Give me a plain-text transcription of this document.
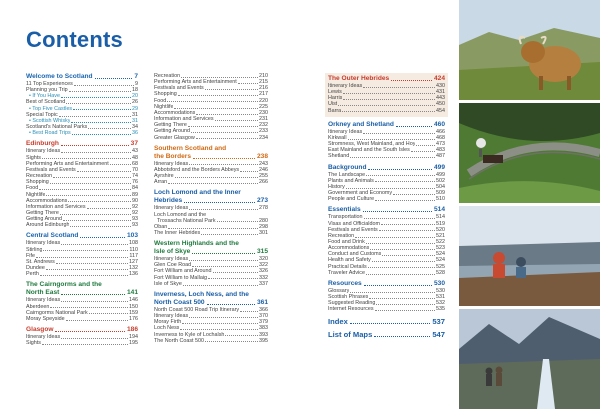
Contents
Welcome to Scotland	7
11 Top Experiences	9
Planning you Trip	18
• If You Have	20
Best of Scotland	26
• Top Five Castles	29
Special Topic	31
• Scottish Whisky	31
Scotland's National Parks	34
• Best Road Trips	36
Edinburgh	37
Itinerary Ideas	43
Sights	48
Performing Arts and Entertainment	68
Festivals and Events	70
Recreation	74
Shopping	76
Food	84
Nightlife	89
Accommodations	90
Information and Services	92
Getting There	92
Getting Around	93
Around Edinburgh	93
Central Scotland	103
Itinerary Ideas	108
Stirling	110
Fife	117
St. Andrews	127
Dundee	132
Perth	136
The Cairngorms and the
North East	141
Itinerary Ideas	146
Aberdeen	150
Cairngorms National Park	159
Moray Speyside	176
Glasgow	186
Itinerary Ideas	194
Sights	195
Recreation	210
Performing Arts and Entertainment	215
Festivals and Events	216
Shopping	217
Food	220
Nightlife	225
Accommodations	230
Information and Services	231
Getting There	232
Getting Around	233
Greater Glasgow	234
Southern Scotland and
the Borders	238
Itinerary Ideas	243
Abbotsford and the Borders Abbeys	246
Ayrshire	255
Arran	266
Loch Lomond and the Inner
Hebrides	273
Itinerary Ideas	278
Loch Lomond and the
Trossachs National Park	280
Oban	298
The Inner Hebrides	301
Western Highlands and the
Isle of Skye	315
Itinerary Ideas	320
Glen Coe Road	322
Fort William and Around	326
Fort William to Mallaig	332
Isle of Skye	337
Inverness, Loch Ness, and the
North Coast 500	361
North Coast 500 Road Trip Itinerary	366
Itinerary Ideas	370
Moray Firth	379
Loch Ness	383
Inverness to Kyle of Lochalsh	393
The North Coast 500	395
The Outer Hebrides	424
Itinerary Ideas	430
Lewis	431
Harris	443
Uist	450
Barra	454
Orkney and Shetland	460
Itinerary Ideas	466
Kirkwall	468
Stromness, West Mainland, and Hoy	473
East Mainland and the South Isles	483
Shetland	487
Background	499
The Landscape	499
Plants and Animals	502
History	504
Government and Economy	509
People and Culture	510
Essentials	514
Transportation	514
Visas and Officialdom	519
Festivals and Events	520
Recreation	521
Food and Drink	522
Accommodations	523
Conduct and Customs	524
Health and Safety	524
Practical Details	525
Traveler Advice	528
Resources	530
Glossary	530
Scottish Phrases	531
Suggested Reading	532
Internet Resources	535
Index	537
List of Maps	547
